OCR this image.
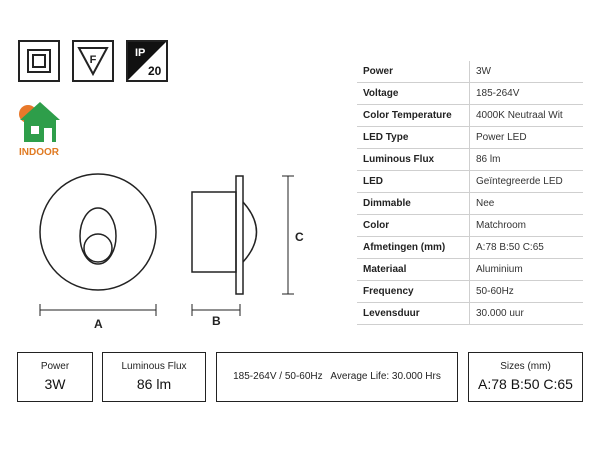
F
IP
20
INDOOR
A	B
C
Power	3W
Voltage	185-264V
Color Temperature	4000K Neutraal Wit
LED Type	Power LED
Luminous Flux	86 lm
LED	Geïntegreerde LED
Dimmable	Nee
Color	Matchroom
Afmetingen (mm)	A:78 B:50 C:65
Materiaal	Aluminium
Frequency	50-60Hz
Levensduur	30.000 uur
Power
3W
Luminous Flux
86 lm	185-264V / 50-60Hz   Average Life: 30.000 Hrs
Sizes (mm)
A:78 B:50 C:65
